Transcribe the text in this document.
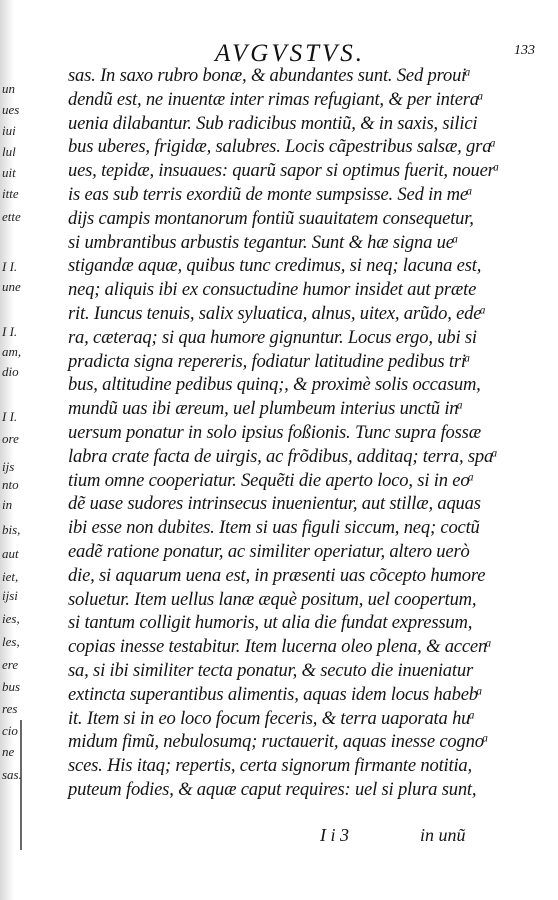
un
ues
iui
lul
uit
itte
ette
I I.
une
I I.
am,
dio
I I.
ore
ijs
nto
in
bis,
aut
iet,
ijsi
ies,
les,
ere
bus
res
cio
ne
sas.
AVGVSTVS.	133
sas. In saxo rubro bonæ, & abundantes sunt. Sed prouiͣ
dendũ est, ne inuentæ inter rimas refugiant, & per interaͣ
uenia dilabantur. Sub radicibus montiũ, & in saxis, silici
bus uberes, frigidæ, salubres. Locis cãpestribus salsæ, graͣ
ues, tepidæ, insuaues: quarũ sapor si optimus fuerit, nouerͣ
is eas sub terris exordiũ de monte sumpsisse. Sed in meͣ
dijs campis montanorum fontiũ suauitatem consequetur,
si umbrantibus arbustis tegantur. Sunt & hæ signa ueͣ
stigandæ aquæ, quibus tunc credimus, si neq; lacuna est,
neq; aliquis ibi ex consuctudine humor insidet aut præte
rit. Iuncus tenuis, salix syluatica, alnus, uitex, arũdo, edeͣ
ra, cæteraq; si qua humore gignuntur. Locus ergo, ubi si
pradicta signa repereris, fodiatur latitudine pedibus triͣ
bus, altitudine pedibus quinq;, & proximè solis occasum,
mundũ uas ibi æreum, uel plumbeum interius unctũ inͣ
uersum ponatur in solo ipsius foßionis. Tunc supra fossæ
labra crate facta de uirgis, ac frõdibus, additaq; terra, spaͣ
tium omne cooperiatur. Sequẽti die aperto loco, si in eoͣ
dẽ uase sudores intrinsecus inuenientur, aut stillæ, aquas
ibi esse non dubites. Item si uas figuli siccum, neq; coctũ
eadẽ ratione ponatur, ac similiter operiatur, altero uerò
die, si aquarum uena est, in præsenti uas cõcepto humore
soluetur. Item uellus lanæ æquè positum, uel coopertum,
si tantum colligit humoris, ut alia die fundat expressum,
copias inesse testabitur. Item lucerna oleo plena, & accenͣ
sa, si ibi similiter tecta ponatur, & secuto die inueniatur
extincta superantibus alimentis, aquas idem locus habebͣ
it. Item si in eo loco focum feceris, & terra uaporata huͣ
midum fimũ, nebulosumq; ructauerit, aquas inesse cognoͣ
sces. His itaq; repertis, certa signorum firmante notitia,
puteum fodies, & aquæ caput requires: uel si plura sunt,
I i 3	in unũ
